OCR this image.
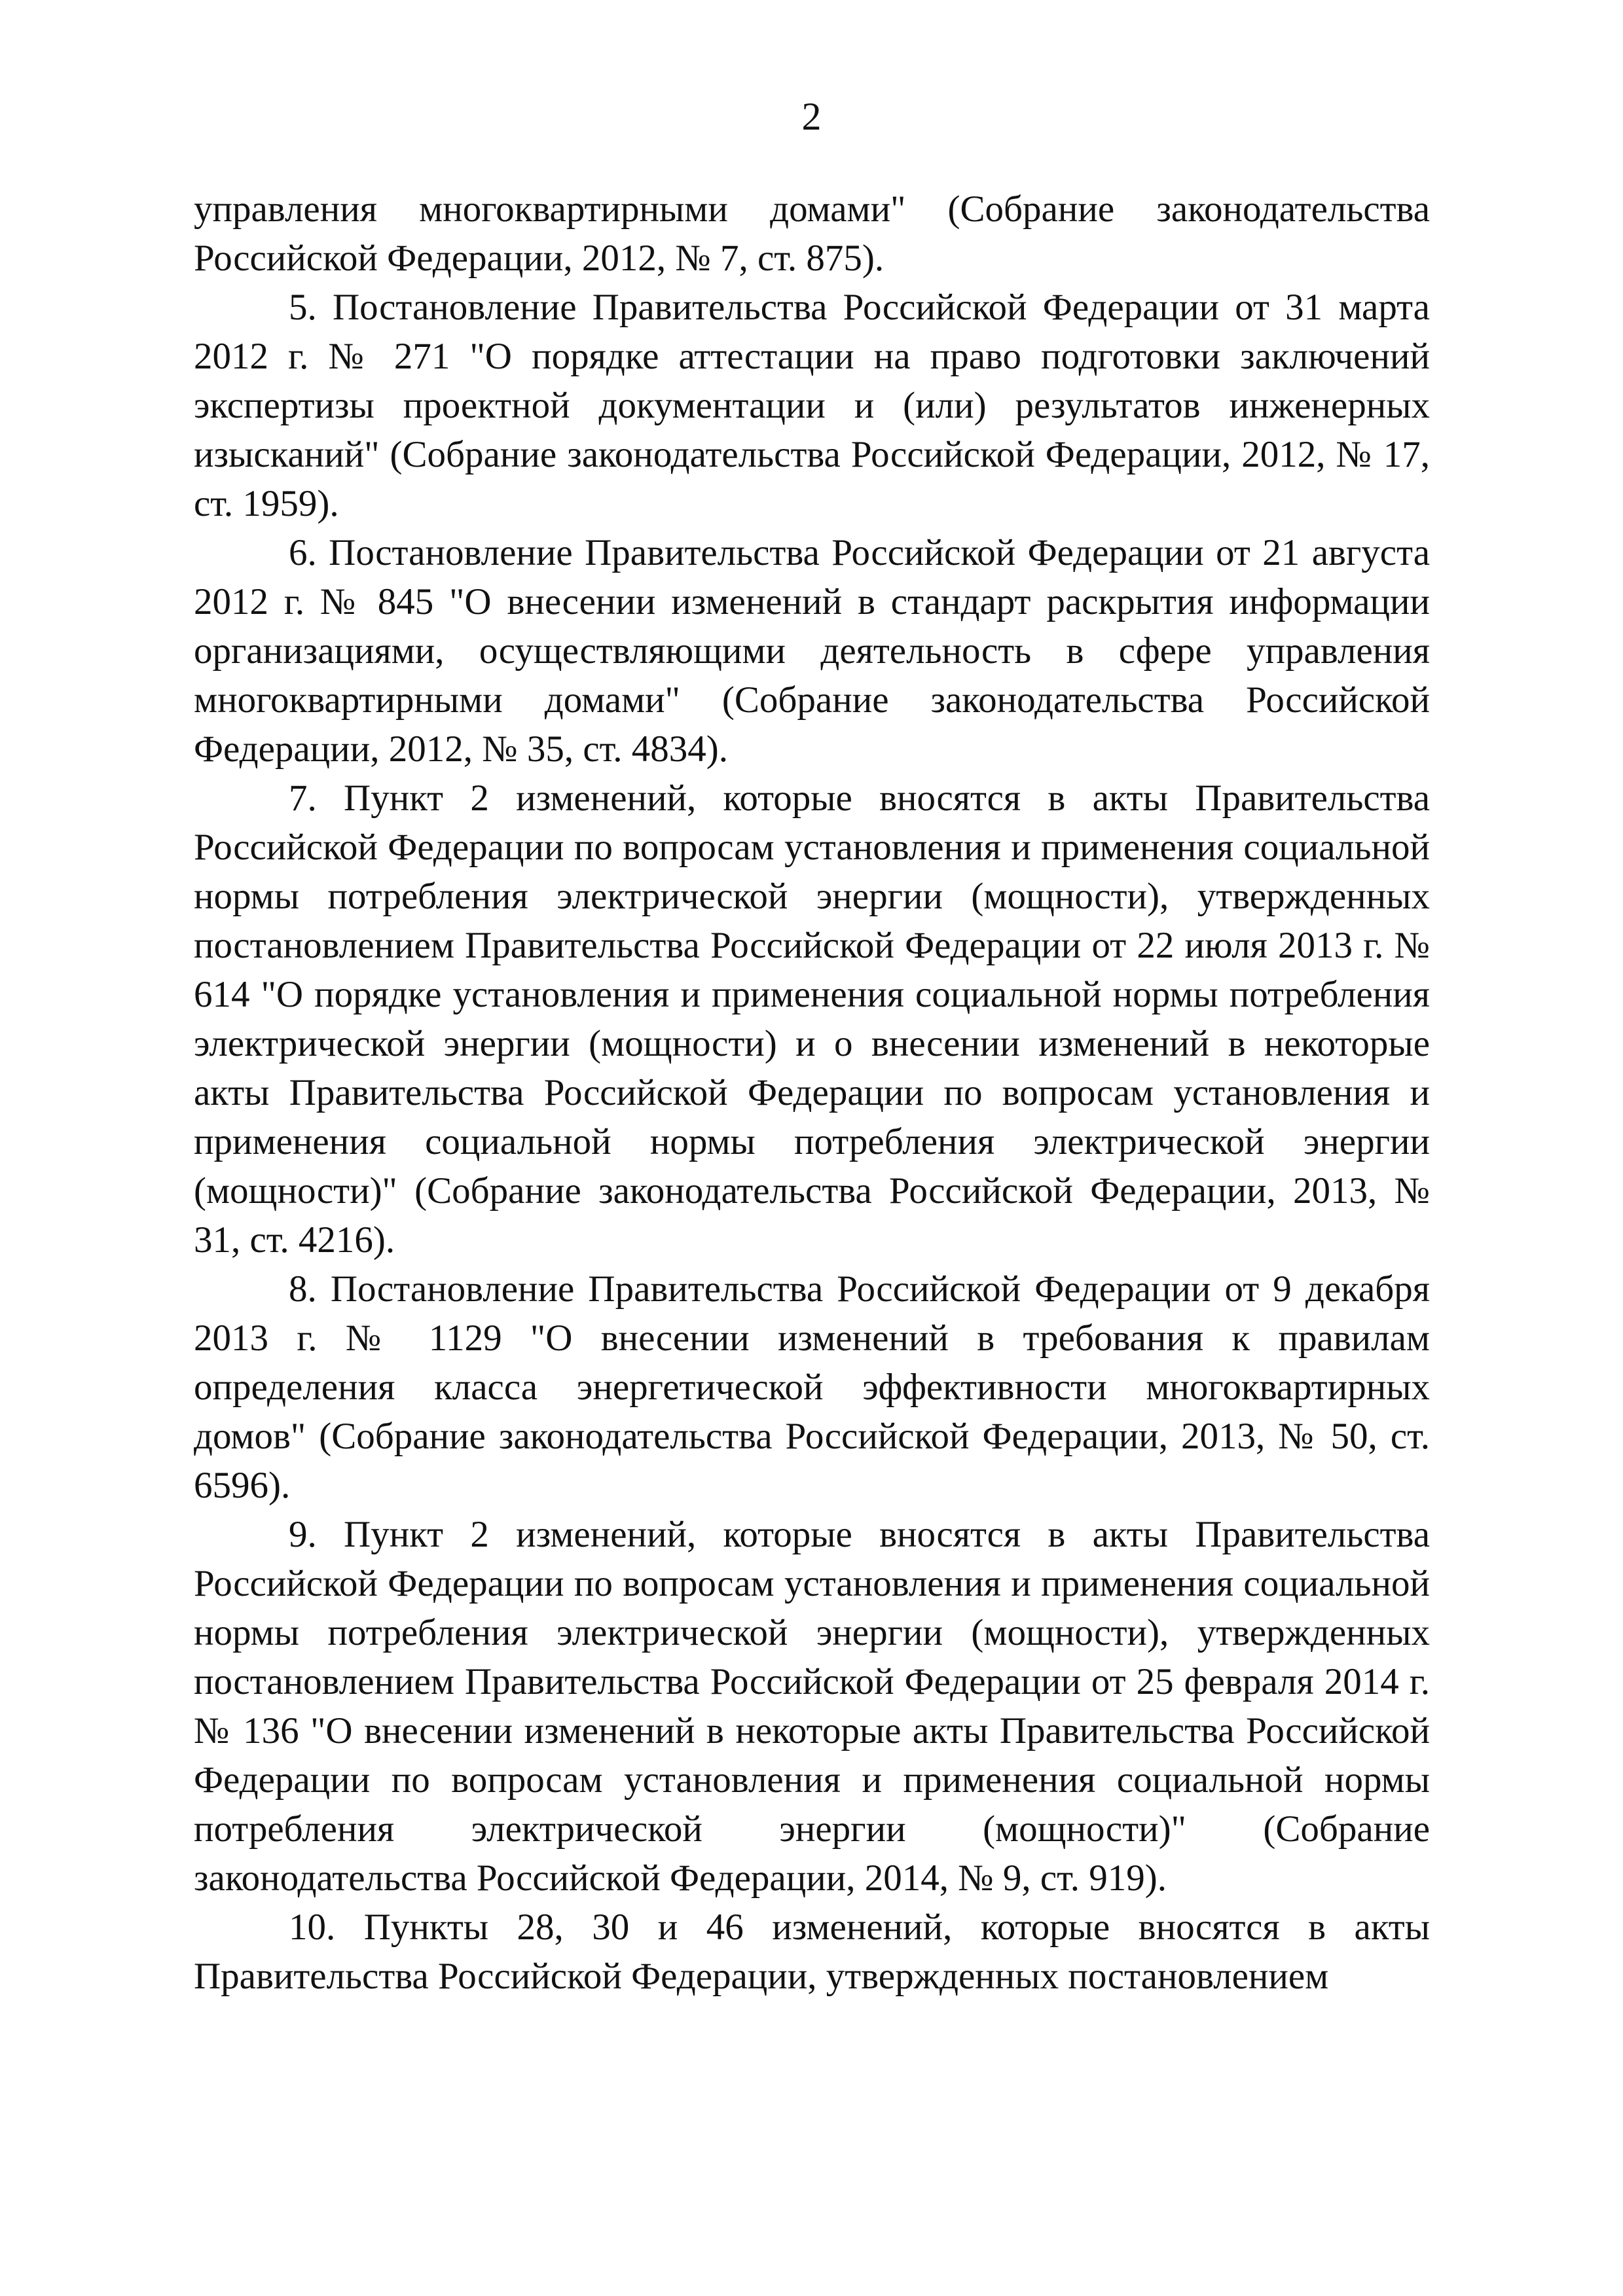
2

управления многоквартирными домами" (Собрание законодательства Российской Федерации, 2012, № 7, ст. 875).

5. Постановление Правительства Российской Федерации от 31 марта 2012 г. № 271 "О порядке аттестации на право подготовки заключений экспертизы проектной документации и (или) результатов инженерных изысканий" (Собрание законодательства Российской Федерации, 2012, № 17, ст. 1959).

6. Постановление Правительства Российской Федерации от 21 августа 2012 г. № 845 "О внесении изменений в стандарт раскрытия информации организациями, осуществляющими деятельность в сфере управления многоквартирными домами" (Собрание законодательства Российской Федерации, 2012, № 35, ст. 4834).

7. Пункт 2 изменений, которые вносятся в акты Правительства Российской Федерации по вопросам установления и применения социальной нормы потребления электрической энергии (мощности), утвержденных постановлением Правительства Российской Федерации от 22 июля 2013 г. № 614 "О порядке установления и применения социальной нормы потребления электрической энергии (мощности) и о внесении изменений в некоторые акты Правительства Российской Федерации по вопросам установления и применения социальной нормы потребления электрической энергии (мощности)" (Собрание законодательства Российской Федерации, 2013, № 31, ст. 4216).

8. Постановление Правительства Российской Федерации от 9 декабря 2013 г. № 1129 "О внесении изменений в требования к правилам определения класса энергетической эффективности многоквартирных домов" (Собрание законодательства Российской Федерации, 2013, № 50, ст. 6596).

9. Пункт 2 изменений, которые вносятся в акты Правительства Российской Федерации по вопросам установления и применения социальной нормы потребления электрической энергии (мощности), утвержденных постановлением Правительства Российской Федерации от 25 февраля 2014 г. № 136 "О внесении изменений в некоторые акты Правительства Российской Федерации по вопросам установления и применения социальной нормы потребления электрической энергии (мощности)" (Собрание законодательства Российской Федерации, 2014, № 9, ст. 919).

10. Пункты 28, 30 и 46 изменений, которые вносятся в акты Правительства Российской Федерации, утвержденных постановлением
